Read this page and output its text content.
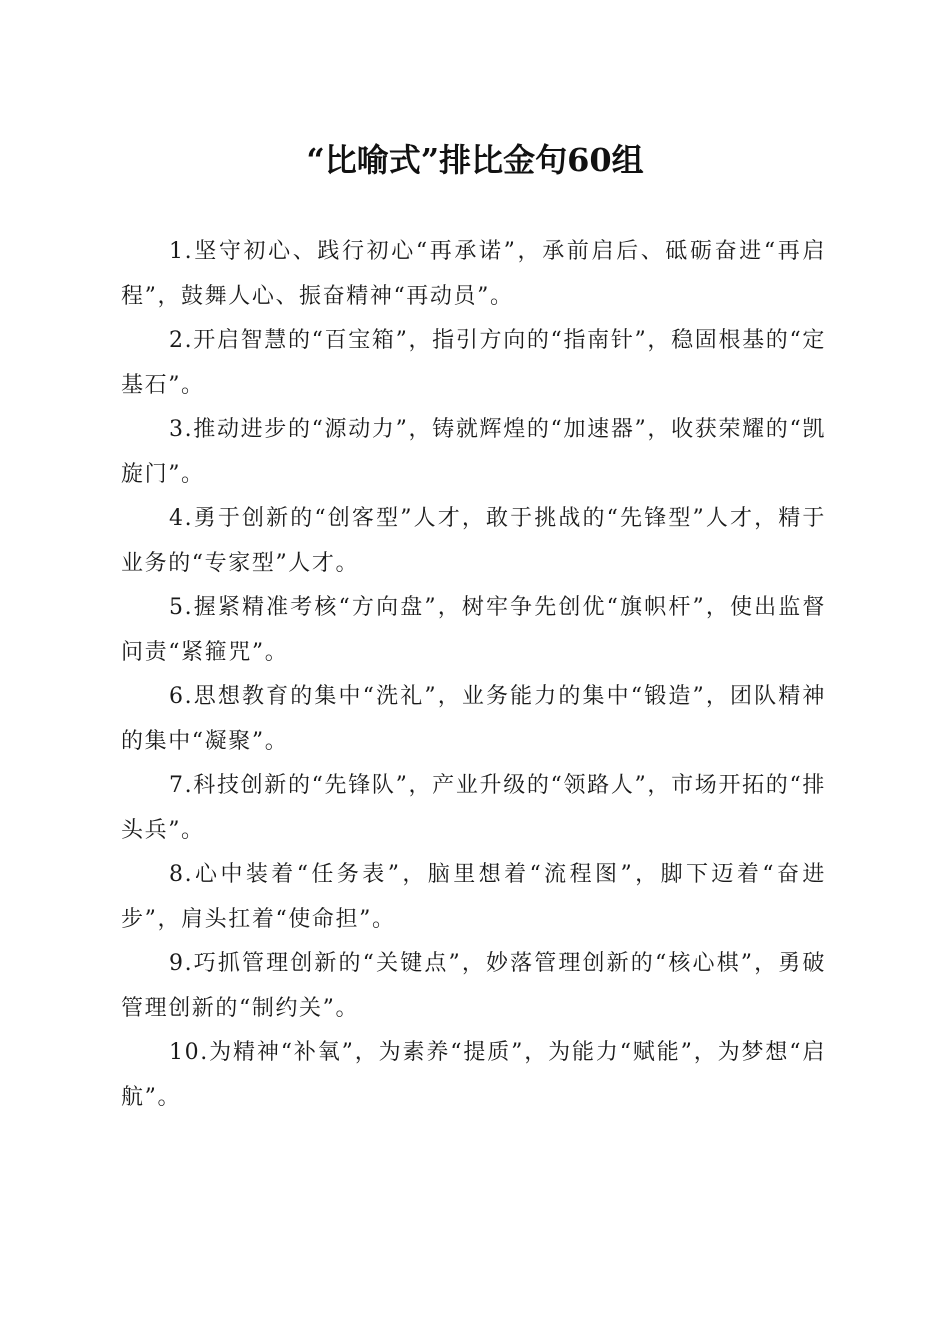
“比喻式”排比金句60组

1.坚守初心、践行初心“再承诺”，承前启后、砥砺奋进“再启程”，鼓舞人心、振奋精神“再动员”。

2.开启智慧的“百宝箱”，指引方向的“指南针”，稳固根基的“定基石”。

3.推动进步的“源动力”，铸就辉煌的“加速器”，收获荣耀的“凯旋门”。

4.勇于创新的“创客型”人才，敢于挑战的“先锋型”人才，精于业务的“专家型”人才。

5.握紧精准考核“方向盘”，树牢争先创优“旗帜杆”，使出监督问责“紧箍咒”。

6.思想教育的集中“洗礼”，业务能力的集中“锻造”，团队精神的集中“凝聚”。

7.科技创新的“先锋队”，产业升级的“领路人”，市场开拓的“排头兵”。

8.心中装着“任务表”，脑里想着“流程图”，脚下迈着“奋进步”，肩头扛着“使命担”。

9.巧抓管理创新的“关键点”，妙落管理创新的“核心棋”，勇破管理创新的“制约关”。

10.为精神“补氧”，为素养“提质”，为能力“赋能”，为梦想“启航”。
